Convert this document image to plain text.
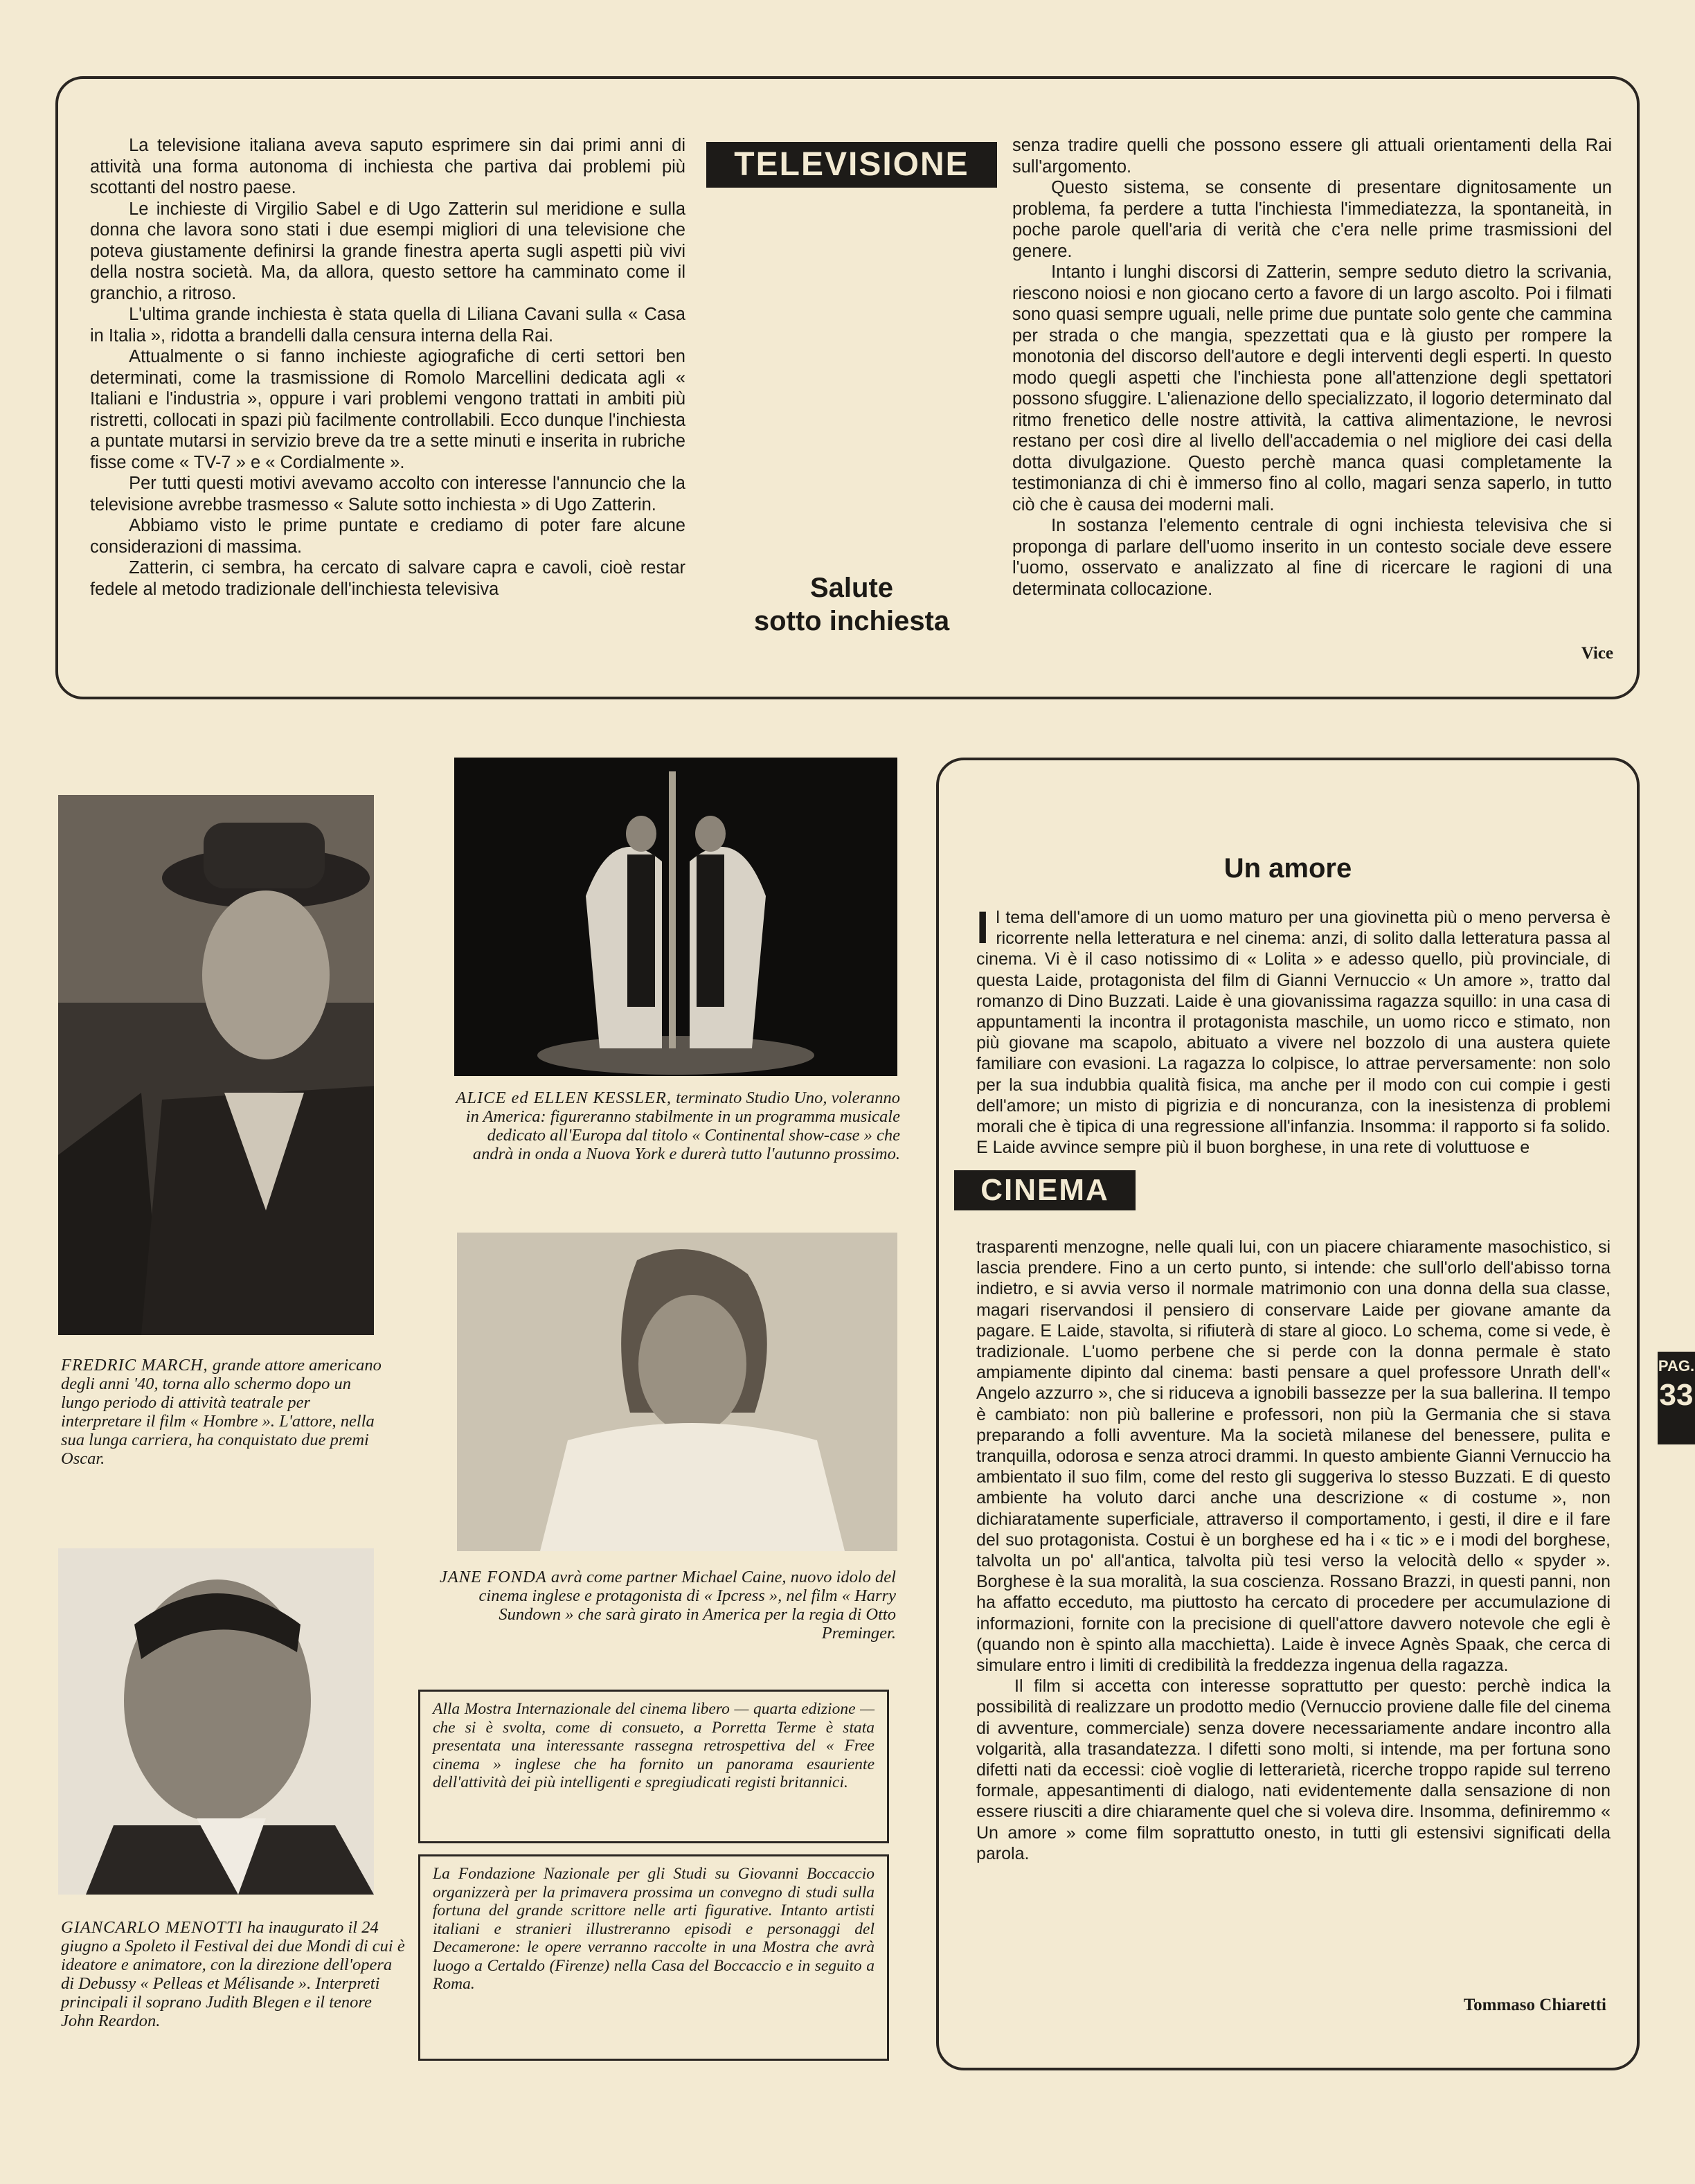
La televisione italiana aveva saputo esprimere sin dai primi anni di attività una forma autonoma di inchiesta che partiva dai problemi più scottanti del nostro paese.

Le inchieste di Virgilio Sabel e di Ugo Zatterin sul meridione e sulla donna che lavora sono stati i due esempi migliori di una televisione che poteva giustamente definirsi la grande finestra aperta sugli aspetti più vivi della nostra società. Ma, da allora, questo settore ha camminato come il granchio, a ritroso.

L'ultima grande inchiesta è stata quella di Liliana Cavani sulla « Casa in Italia », ridotta a brandelli dalla censura interna della Rai.

Attualmente o si fanno inchieste agiografiche di certi settori ben determinati, come la trasmissione di Romolo Marcellini dedicata agli « Italiani e l'industria », oppure i vari problemi vengono trattati in ambiti più ristretti, collocati in spazi più facilmente controllabili. Ecco dunque l'inchiesta a puntate mutarsi in servizio breve da tre a sette minuti e inserita in rubriche fisse come « TV-7 » e « Cordialmente ».

Per tutti questi motivi avevamo accolto con interesse l'annuncio che la televisione avrebbe trasmesso « Salute sotto inchiesta » di Ugo Zatterin.

Abbiamo visto le prime puntate e crediamo di poter fare alcune considerazioni di massima.

Zatterin, ci sembra, ha cercato di salvare capra e cavoli, cioè restar fedele al metodo tradizionale dell'inchiesta televisiva

TELEVISIONE
Salute
sotto inchiesta

senza tradire quelli che possono essere gli attuali orientamenti della Rai sull'argomento.

Questo sistema, se consente di presentare dignitosamente un problema, fa perdere a tutta l'inchiesta l'immediatezza, la spontaneità, in poche parole quell'aria di verità che c'era nelle prime trasmissioni del genere.

Intanto i lunghi discorsi di Zatterin, sempre seduto dietro la scrivania, riescono noiosi e non giocano certo a favore di un largo ascolto. Poi i filmati sono quasi sempre uguali, nelle prime due puntate solo gente che cammina per strada o che mangia, spezzettati qua e là giusto per rompere la monotonia del discorso dell'autore e degli interventi degli esperti. In questo modo quegli aspetti che l'inchiesta pone all'attenzione degli spettatori possono sfuggire. L'alienazione dello specializzato, il logorio determinato dal ritmo frenetico delle nostre attività, la cattiva alimentazione, le nevrosi restano per così dire al livello dell'accademia o nel migliore dei casi della dotta divulgazione. Questo perchè manca quasi completamente la testimonianza di chi è immerso fino al collo, magari senza saperlo, in tutto ciò che è causa dei moderni mali.

In sostanza l'elemento centrale di ogni inchiesta televisiva che si proponga di parlare dell'uomo inserito in un contesto sociale deve essere l'uomo, osservato e analizzato al fine di ricercare le ragioni di una determinata collocazione.

Vice
FREDRIC MARCH, grande attore americano degli anni '40, torna allo schermo dopo un lungo periodo di attività teatrale per interpretare il film « Hombre ». L'attore, nella sua lunga carriera, ha conquistato due premi Oscar.
GIANCARLO MENOTTI ha inaugurato il 24 giugno a Spoleto il Festival dei due Mondi di cui è ideatore e animatore, con la direzione dell'opera di Debussy « Pelleas et Mélisande ». Interpreti principali il soprano Judith Blegen e il tenore John Reardon.
ALICE ed ELLEN KESSLER, terminato Studio Uno, voleranno in America: figureranno stabilmente in un programma musicale dedicato all'Europa dal titolo « Continental show-case » che andrà in onda a Nuova York e durerà tutto l'autunno prossimo.
JANE FONDA avrà come partner Michael Caine, nuovo idolo del cinema inglese e protagonista di « Ipcress », nel film « Harry Sundown » che sarà girato in America per la regia di Otto Preminger.
Alla Mostra Internazionale del cinema libero — quarta edizione — che si è svolta, come di consueto, a Porretta Terme è stata presentata una interessante rassegna retrospettiva del « Free cinema » inglese che ha fornito un panorama esauriente dell'attività dei più intelligenti e spregiudicati registi britannici.
La Fondazione Nazionale per gli Studi su Giovanni Boccaccio organizzerà per la primavera prossima un convegno di studi sulla fortuna del grande scrittore nelle arti figurative. Intanto artisti italiani e stranieri illustreranno episodi e personaggi del Decamerone: le opere verranno raccolte in una Mostra che avrà luogo a Certaldo (Firenze) nella Casa del Boccaccio e in seguito a Roma.
Un amore

I l tema dell'amore di un uomo maturo per una giovinetta più o meno perversa è ricorrente nella letteratura e nel cinema: anzi, di solito dalla letteratura passa al cinema. Vi è il caso notissimo di « Lolita » e adesso quello, più provinciale, di questa Laide, protagonista del film di Gianni Vernuccio « Un amore », tratto dal romanzo di Dino Buzzati. Laide è una giovanissima ragazza squillo: in una casa di appuntamenti la incontra il protagonista maschile, un uomo ricco e stimato, non più giovane ma scapolo, abituato a vivere nel bozzolo di una austera quiete familiare con evasioni. La ragazza lo colpisce, lo attrae perversamente: non solo per la sua indubbia qualità fisica, ma anche per il modo con cui compie i gesti dell'amore; un misto di pigrizia e di noncuranza, con la inesistenza di problemi morali che è tipica di una regressione all'infanzia. Insomma: il rapporto si fa solido. E Laide avvince sempre più il buon borghese, in una rete di voluttuose e

CINEMA

trasparenti menzogne, nelle quali lui, con un piacere chiaramente masochistico, si lascia prendere. Fino a un certo punto, si intende: che sull'orlo dell'abisso torna indietro, e si avvia verso il normale matrimonio con una donna della sua classe, magari riservandosi il pensiero di conservare Laide per giovane amante da pagare. E Laide, stavolta, si rifiuterà di stare al gioco. Lo schema, come si vede, è tradizionale. L'uomo perbene che si perde con la donna permale è stato ampiamente dipinto dal cinema: basti pensare a quel professore Unrath dell'« Angelo azzurro », che si riduceva a ignobili bassezze per la sua ballerina. Il tempo è cambiato: non più ballerine e professori, non più la Germania che si stava preparando a folli avventure. Ma la società milanese del benessere, pulita e tranquilla, odorosa e senza atroci drammi. In questo ambiente Gianni Vernuccio ha ambientato il suo film, come del resto gli suggeriva lo stesso Buzzati. E di questo ambiente ha voluto darci anche una descrizione « di costume », non dichiaratamente superficiale, attraverso il comportamento, i gesti, il dire e il fare del suo protagonista. Costui è un borghese ed ha i « tic » e i modi del borghese, talvolta un po' all'antica, talvolta più tesi verso la velocità dello « spyder ». Borghese è la sua moralità, la sua coscienza. Rossano Brazzi, in questi panni, non ha affatto ecceduto, ma piuttosto ha cercato di procedere per accumulazione di informazioni, fornite con la precisione di quell'attore davvero notevole che egli è (quando non è spinto alla macchietta). Laide è invece Agnès Spaak, che cerca di simulare entro i limiti di credibilità la freddezza ingenua della ragazza.

Il film si accetta con interesse soprattutto per questo: perchè indica la possibilità di realizzare un prodotto medio (Vernuccio proviene dalle file del cinema di avventure, commerciale) senza dovere necessariamente andare incontro alla volgarità, alla trasandatezza. I difetti sono molti, si intende, ma per fortuna sono difetti nati da eccessi: cioè voglie di letterarietà, ricerche troppo rapide sul terreno formale, appesantimenti di dialogo, nati evidentemente dalla sensazione di non essere riusciti a dire chiaramente quel che si voleva dire. Insomma, definiremmo « Un amore » come film soprattutto onesto, in tutti gli estensivi significati della parola.

Tommaso Chiaretti
PAG.
33
